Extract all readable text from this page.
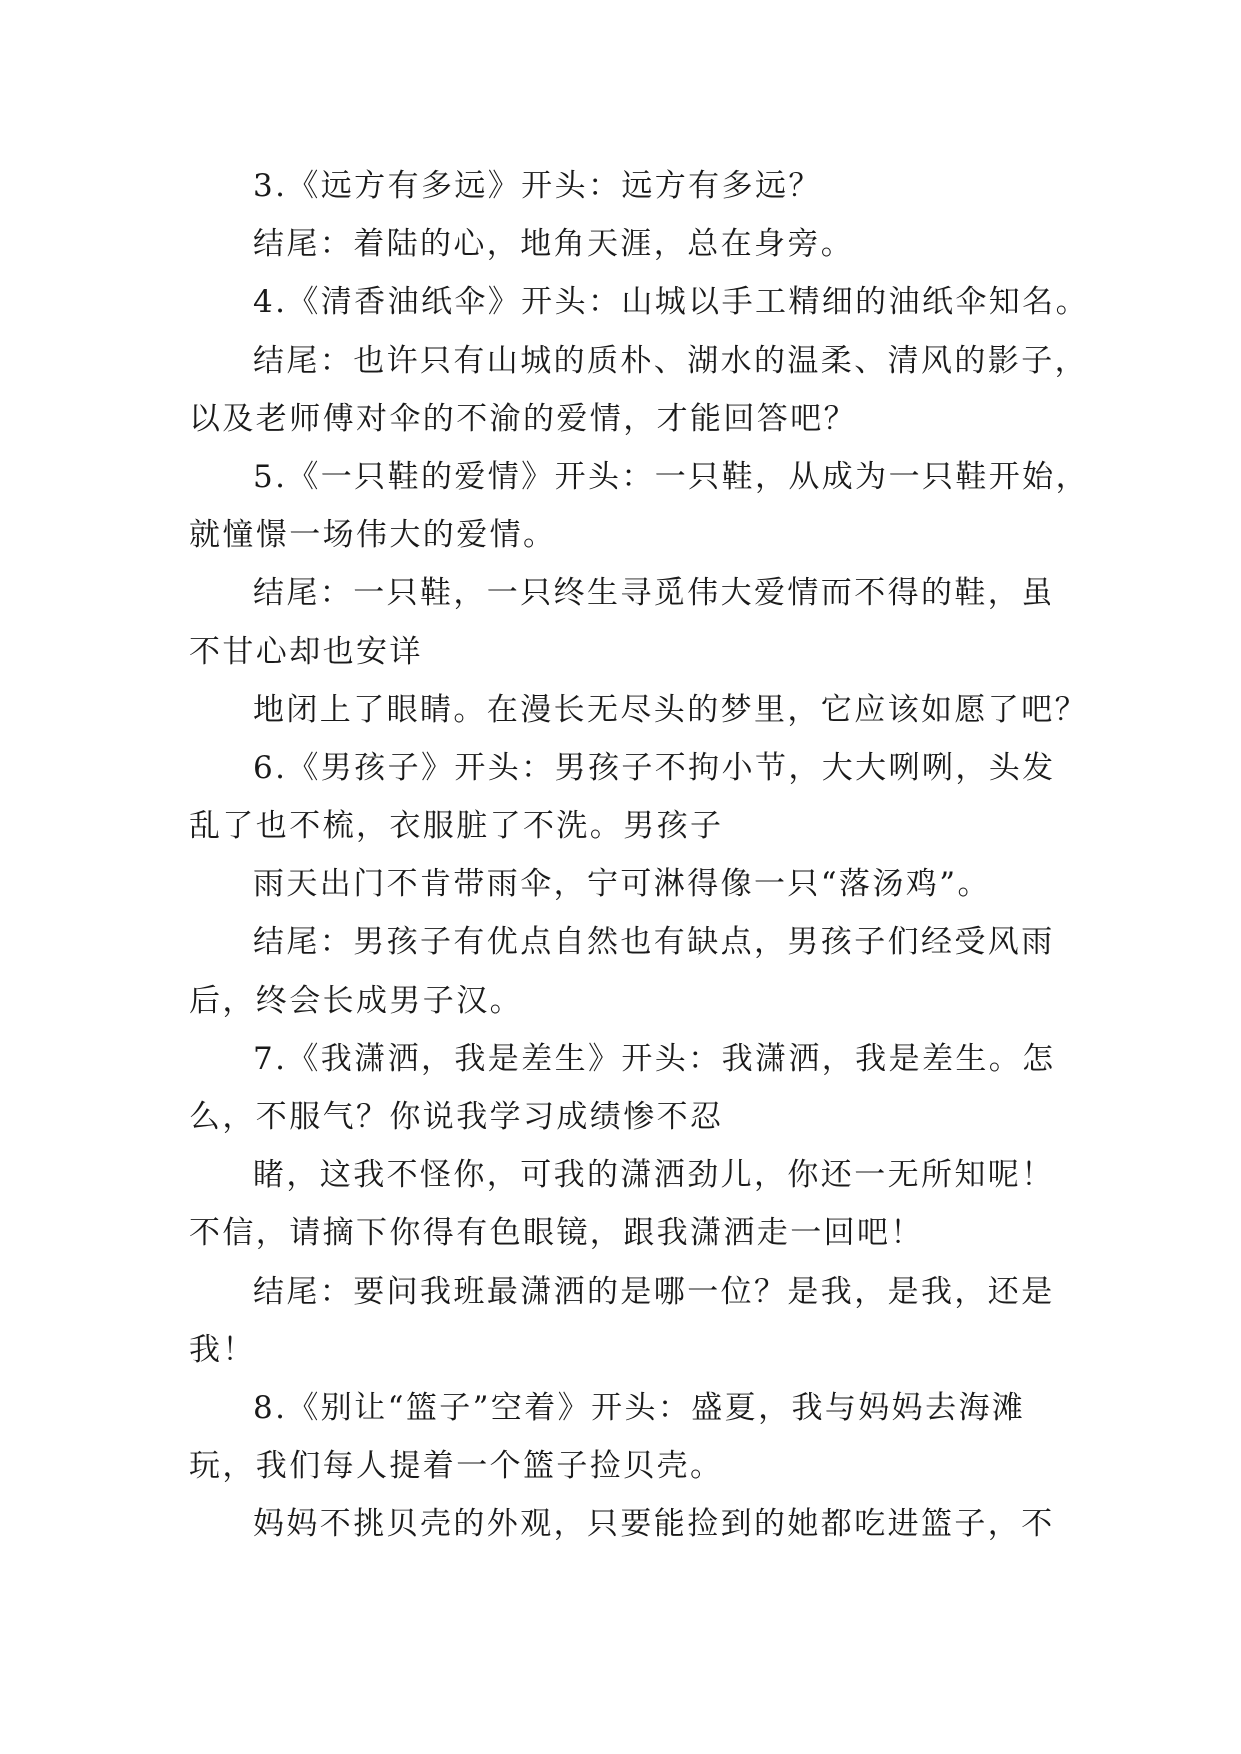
3.《远方有多远》开头：远方有多远？
结尾：着陆的心，地角天涯，总在身旁。
4.《清香油纸伞》开头：山城以手工精细的油纸伞知名。
结尾：也许只有山城的质朴、湖水的温柔、清风的影子，
以及老师傅对伞的不渝的爱情，才能回答吧？
5.《一只鞋的爱情》开头：一只鞋，从成为一只鞋开始，
就憧憬一场伟大的爱情。
结尾：一只鞋，一只终生寻觅伟大爱情而不得的鞋，虽
不甘心却也安详
地闭上了眼睛。在漫长无尽头的梦里，它应该如愿了吧？
6.《男孩子》开头：男孩子不拘小节，大大咧咧，头发
乱了也不梳，衣服脏了不洗。男孩子
雨天出门不肯带雨伞，宁可淋得像一只“落汤鸡”。
结尾：男孩子有优点自然也有缺点，男孩子们经受风雨
后，终会长成男子汉。
7.《我潇洒，我是差生》开头：我潇洒，我是差生。怎
么，不服气？你说我学习成绩惨不忍
睹，这我不怪你，可我的潇洒劲儿，你还一无所知呢！
不信，请摘下你得有色眼镜，跟我潇洒走一回吧！
结尾：要问我班最潇洒的是哪一位？是我，是我，还是
我！
8.《别让“篮子”空着》开头：盛夏，我与妈妈去海滩
玩，我们每人提着一个篮子捡贝壳。
妈妈不挑贝壳的外观，只要能捡到的她都吃进篮子，不
